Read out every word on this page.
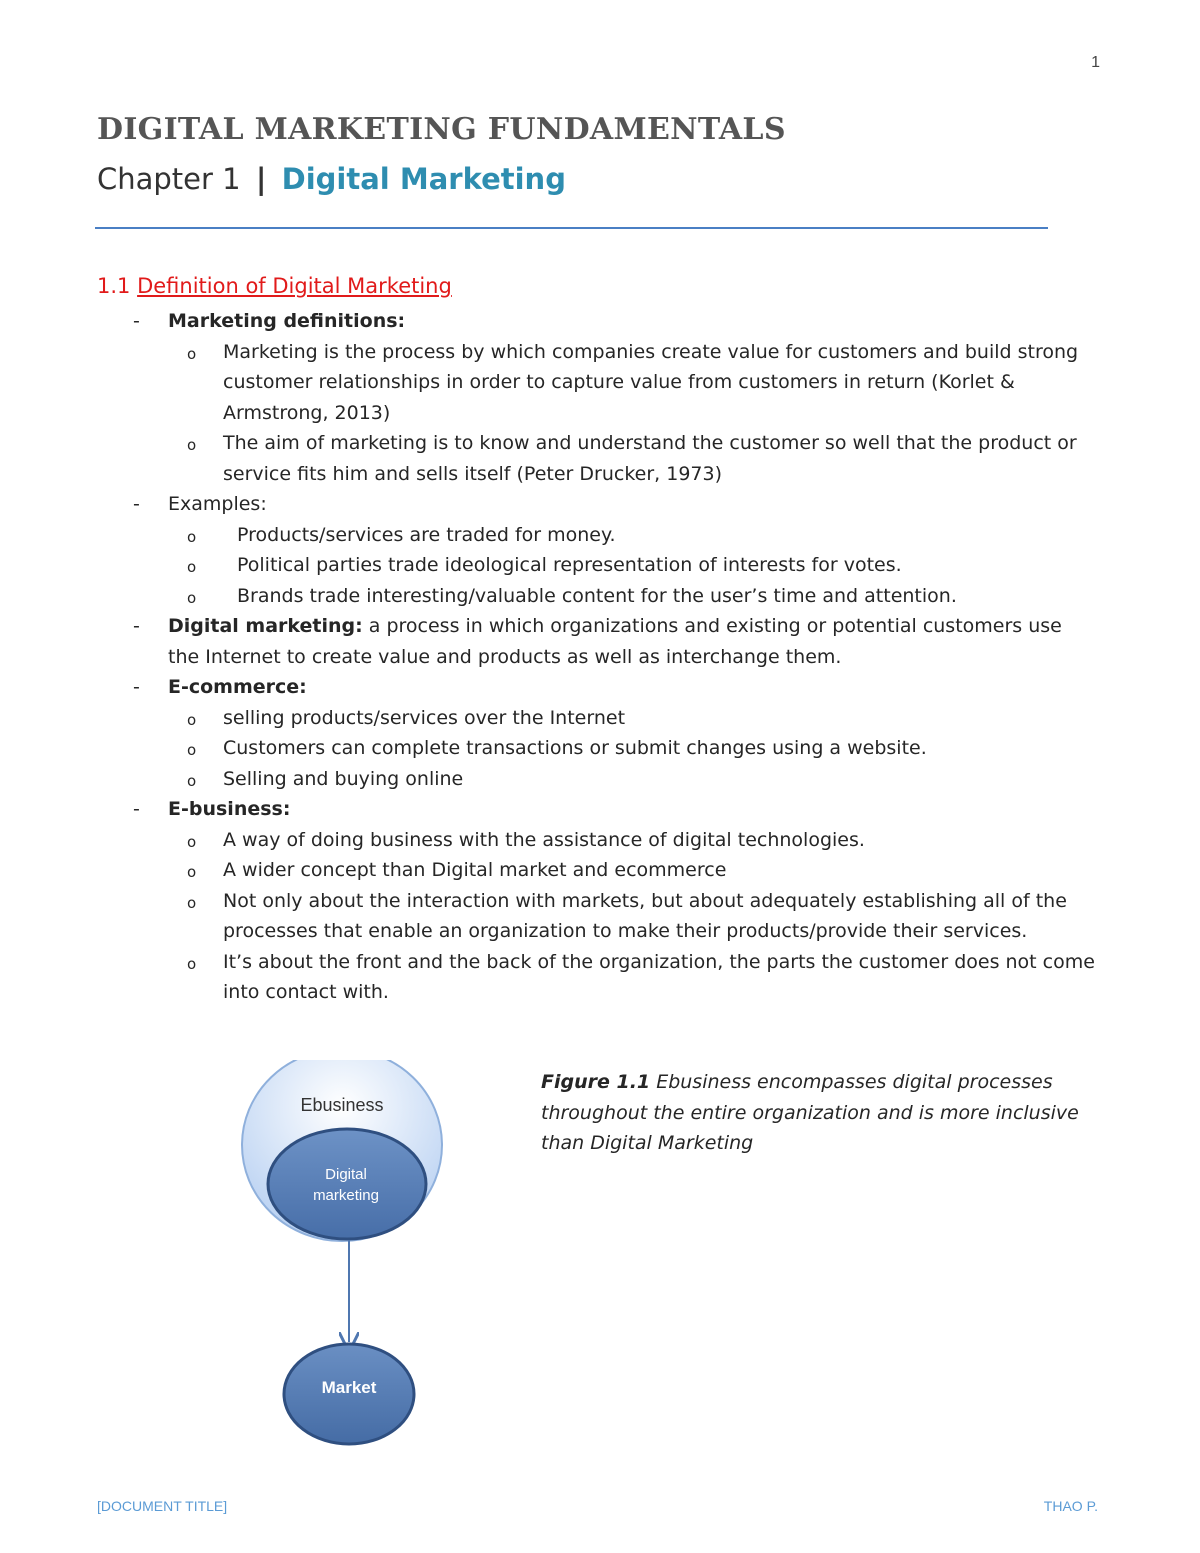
1
DIGITAL MARKETING FUNDAMENTALS
Chapter 1 | Digital Marketing
1.1 Definition of Digital Marketing
- Marketing definitions:
o Marketing is the process by which companies create value for customers and build strong customer relationships in order to capture value from customers in return (Korlet & Armstrong, 2013)
o The aim of marketing is to know and understand the customer so well that the product or service fits him and sells itself (Peter Drucker, 1973)
- Examples:
o Products/services are traded for money.
o Political parties trade ideological representation of interests for votes.
o Brands trade interesting/valuable content for the user’s time and attention.
- Digital marketing: a process in which organizations and existing or potential customers use the Internet to create value and products as well as interchange them.
- E-commerce:
o selling products/services over the Internet
o Customers can complete transactions or submit changes using a website.
o Selling and buying online
- E-business:
o A way of doing business with the assistance of digital technologies.
o A wider concept than Digital market and ecommerce
o Not only about the interaction with markets, but about adequately establishing all of the processes that enable an organization to make their products/provide their services.
o It’s about the front and the back of the organization, the parts the customer does not come into contact with.
Ebusiness
Digital
marketing
Market
Figure 1.1 Ebusiness encompasses digital processes throughout the entire organization and is more inclusive than Digital Marketing
[DOCUMENT TITLE]	THAO P.
